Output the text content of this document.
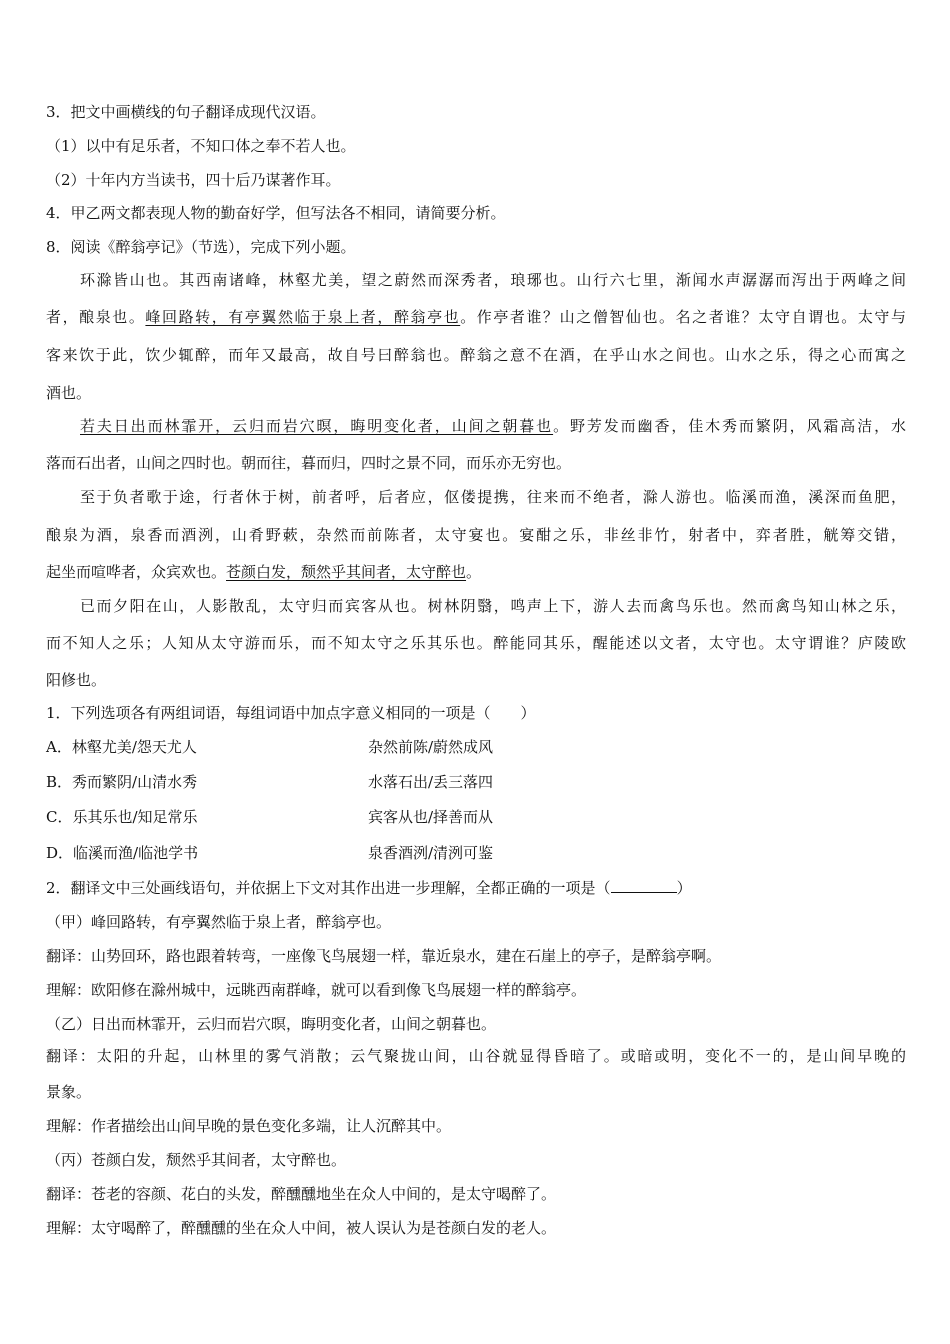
3．把文中画横线的句子翻译成现代汉语。
（1）以中有足乐者，不知口体之奉不若人也。
（2）十年内方当读书，四十后乃谋著作耳。
4．甲乙两文都表现人物的勤奋好学，但写法各不相同，请简要分析。
8．阅读《醉翁亭记》（节选），完成下列小题。
环滁皆山也。其西南诸峰，林壑尤美，望之蔚然而深秀者，琅琊也。山行六七里，渐闻水声潺潺而泻出于两峰之间
者，酿泉也。峰回路转，有亭翼然临于泉上者，醉翁亭也。作亭者谁？山之僧智仙也。名之者谁？太守自谓也。太守与
客来饮于此，饮少辄醉，而年又最高，故自号曰醉翁也。醉翁之意不在酒，在乎山水之间也。山水之乐，得之心而寓之
酒也。
若夫日出而林霏开，云归而岩穴暝，晦明变化者，山间之朝暮也。野芳发而幽香，佳木秀而繁阴，风霜高洁，水
落而石出者，山间之四时也。朝而往，暮而归，四时之景不同，而乐亦无穷也。
至于负者歌于途，行者休于树，前者呼，后者应，伛偻提携，往来而不绝者，滁人游也。临溪而渔，溪深而鱼肥，
酿泉为酒，泉香而酒洌，山肴野蔌，杂然而前陈者，太守宴也。宴酣之乐，非丝非竹，射者中，弈者胜，觥筹交错，
起坐而喧哗者，众宾欢也。苍颜白发，颓然乎其间者，太守醉也。
已而夕阳在山，人影散乱，太守归而宾客从也。树林阴翳，鸣声上下，游人去而禽鸟乐也。然而禽鸟知山林之乐，
而不知人之乐；人知从太守游而乐，而不知太守之乐其乐也。醉能同其乐，醒能述以文者，太守也。太守谓谁？庐陵欧
阳修也。
1．下列选项各有两组词语，每组词语中加点字意义相同的一项是（　　）
A．林壑尤美/怨天尤人	杂然前陈/蔚然成风
B．秀而繁阴/山清水秀	水落石出/丢三落四
C．乐其乐也/知足常乐	宾客从也/择善而从
D．临溪而渔/临池学书	泉香酒洌/清洌可鉴
2．翻译文中三处画线语句，并依据上下文对其作出进一步理解，全都正确的一项是（	）
（甲）峰回路转，有亭翼然临于泉上者，醉翁亭也。
翻译：山势回环，路也跟着转弯，一座像飞鸟展翅一样，靠近泉水，建在石崖上的亭子，是醉翁亭啊。
理解：欧阳修在滁州城中，远眺西南群峰，就可以看到像飞鸟展翅一样的醉翁亭。
（乙）日出而林霏开，云归而岩穴暝，晦明变化者，山间之朝暮也。
翻译：太阳的升起，山林里的雾气消散；云气聚拢山间，山谷就显得昏暗了。或暗或明，变化不一的，是山间早晚的
景象。
理解：作者描绘出山间早晚的景色变化多端，让人沉醉其中。
（丙）苍颜白发，颓然乎其间者，太守醉也。
翻译：苍老的容颜、花白的头发，醉醺醺地坐在众人中间的，是太守喝醉了。
理解：太守喝醉了，醉醺醺的坐在众人中间，被人误认为是苍颜白发的老人。
